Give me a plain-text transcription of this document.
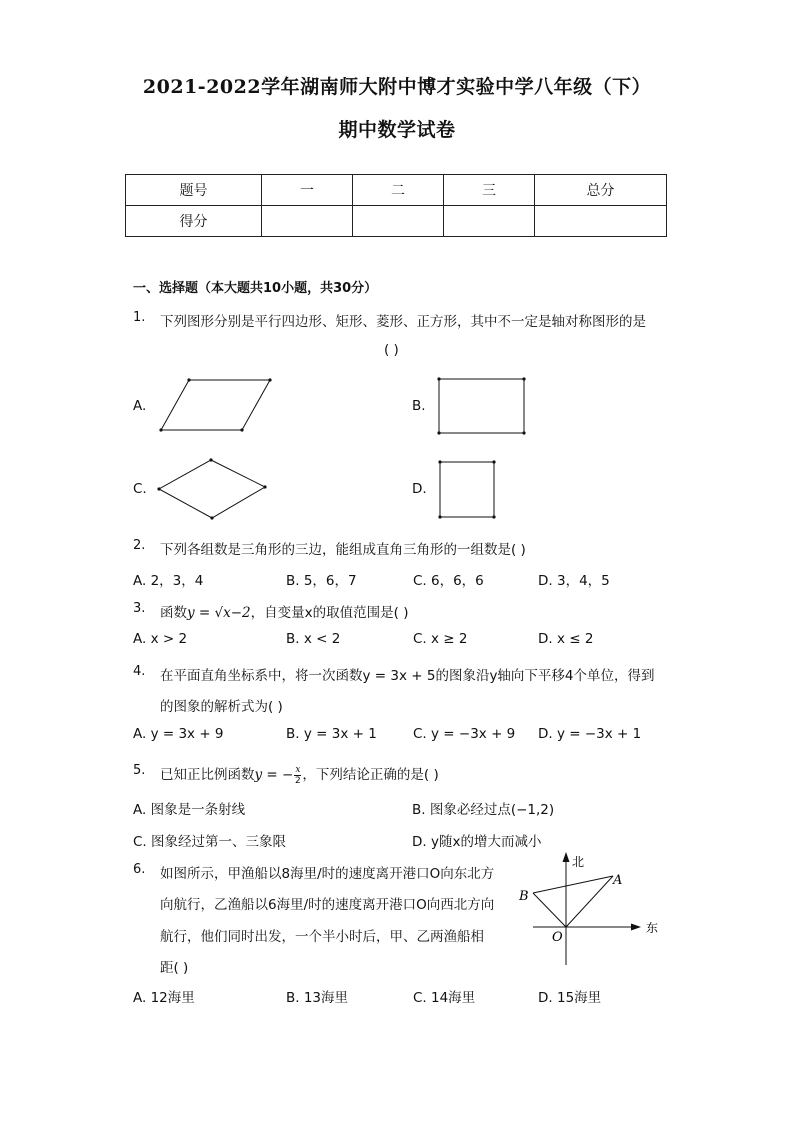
2021-2022学年湖南师大附中博才实验中学八年级（下）
期中数学试卷
题号	一	二	三	总分
得分				
一、选择题（本大题共10小题，共30分）
1. 下列图形分别是平行四边形、矩形、菱形、正方形，其中不一定是轴对称图形的是
( )
A.	B.
C.	D.
2. 下列各组数是三角形的三边，能组成直角三角形的一组数是( )
A. 2，3，4	B. 5，6，7	C. 6，6，6	D. 3，4，5
3. 函数y = √x−2，自变量x的取值范围是( )
A. x > 2	B. x < 2	C. x ≥ 2	D. x ≤ 2
4. 在平面直角坐标系中，将一次函数y = 3x + 5的图象沿y轴向下平移4个单位，得到
的图象的解析式为( )
A. y = 3x + 9	B. y = 3x + 1	C. y = −3x + 9 D. y = −3x + 1
5. 已知正比例函数y = − $\frac{x}{2}$ ，下列结论正确的是( )
A. 图象是一条射线	B. 图象必经过点(−1,2)
C. 图象经过第一、三象限	D. y随x的增大而减小
6. 如图所示，甲渔船以8海里/时的速度离开港口O向东北方
向航行，乙渔船以6海里/时的速度离开港口O向西北方向
航行，他们同时出发，一个半小时后，甲、乙两渔船相
距( )
北
东
A
B
O
A. 12海里	B. 13海里	C. 14海里	D. 15海里
